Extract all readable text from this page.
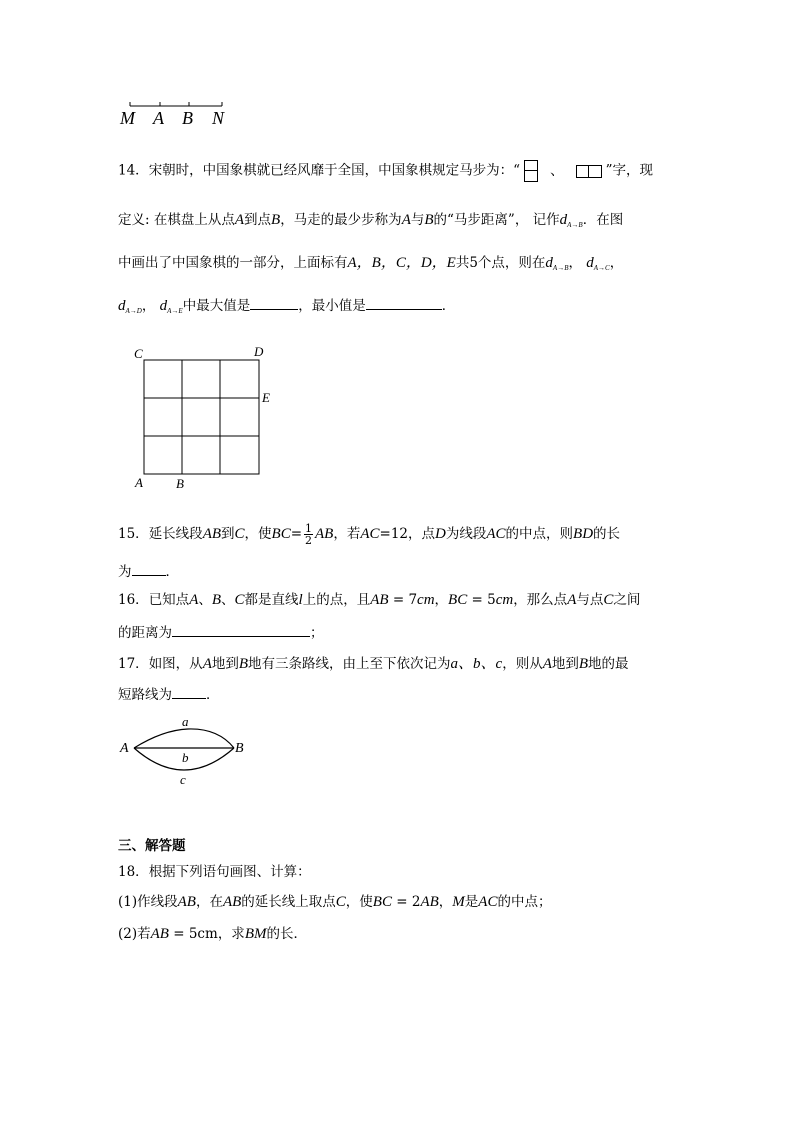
M A B N
14．宋朝时，中国象棋就已经风靡于全国，中国象棋规定马步为：“ 、	”字，现
定义: 在棋盘上从点A到点B，马走的最少步称为A与B的“马步距离”， 记作$d_{A\to B}$．在图
中画出了中国象棋的一部分，上面标有A，B，C，D，E共5个点，则在$d_{A\to B}$， $d_{A\to C}$，
$d_{A\to D}$， $d_{A\to E}$中最大值是	，最小值是	．
C	D
E
A	B
15．延长线段AB到C，使$BC= \frac{1}{2}$ AB，若AC=12，点D为线段AC的中点，则BD的长
为	．
16．已知点A、B、C都是直线l上的点，且AB = 7cm，BC = 5cm，那么点A与点C之间
的距离为	；
17．如图，从A地到B地有三条路线，由上至下依次记为a、b、c，则从A地到B地的最
短路线为	．
A	B
a
b
c
三、解答题
18．根据下列语句画图、计算：
(1)作线段AB，在AB的延长线上取点C，使BC = 2AB，M是AC的中点；
(2)若AB = 5cm，求BM的长．
